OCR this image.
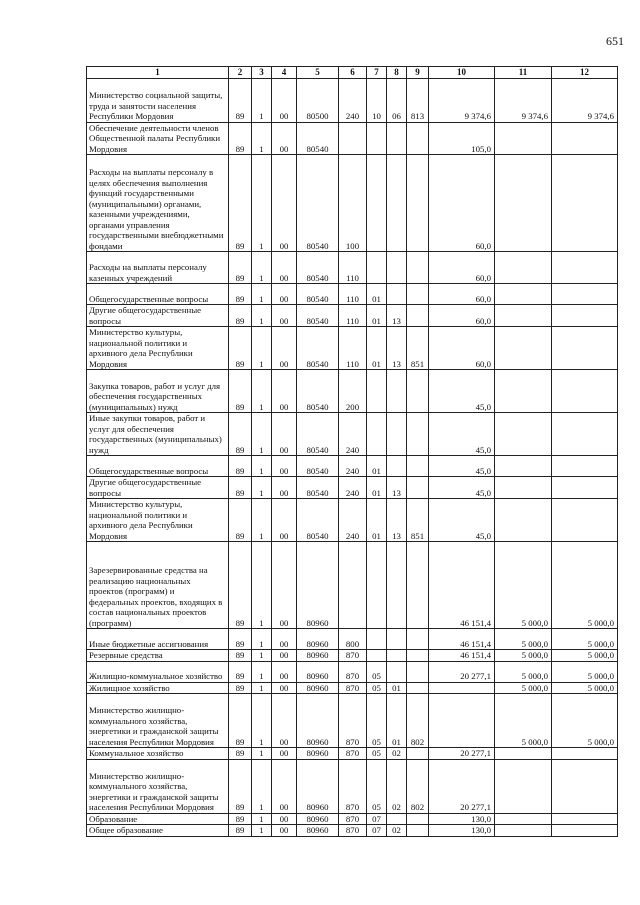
651
1	2	3	4	5	6	7	8	9	10	11	12
Министерство социальной защиты, труда и занятости населения Республики Мордовия	89	1	00	80500	240	10	06	813	9 374,6	9 374,6	9 374,6
Обеспечение деятельности членов Общественной палаты Республики Мордовия	89	1	00	80540					105,0		
Расходы на выплаты персоналу в целях обеспечения выполнения функций государственными (муниципальными) органами, казенными учреждениями, органами управления государственными внебюджетными фондами	89	1	00	80540	100				60,0		
Расходы на выплаты персоналу казенных учреждений	89	1	00	80540	110				60,0		
Общегосударственные вопросы	89	1	00	80540	110	01			60,0		
Другие общегосударственные вопросы	89	1	00	80540	110	01	13		60,0		
Министерство культуры, национальной политики и архивного дела Республики Мордовия	89	1	00	80540	110	01	13	851	60,0		
Закупка товаров, работ и услуг для обеспечения государственных (муниципальных) нужд	89	1	00	80540	200				45,0		
Иные закупки товаров, работ и услуг для обеспечения государственных (муниципальных) нужд	89	1	00	80540	240				45,0		
Общегосударственные вопросы	89	1	00	80540	240	01			45,0		
Другие общегосударственные вопросы	89	1	00	80540	240	01	13		45,0		
Министерство культуры, национальной политики и архивного дела Республики Мордовия	89	1	00	80540	240	01	13	851	45,0		
Зарезервированные средства на реализацию национальных проектов (программ) и федеральных проектов, входящих в состав национальных проектов (программ)	89	1	00	80960					46 151,4	5 000,0	5 000,0
Иные бюджетные ассигнования	89	1	00	80960	800				46 151,4	5 000,0	5 000,0
Резервные средства	89	1	00	80960	870				46 151,4	5 000,0	5 000,0
Жилищно-коммунальное хозяйство	89	1	00	80960	870	05			20 277,1	5 000,0	5 000,0
Жилищное хозяйство	89	1	00	80960	870	05	01			5 000,0	5 000,0
Министерство жилищно-коммунального хозяйства, энергетики и гражданской защиты населения Республики Мордовия	89	1	00	80960	870	05	01	802		5 000,0	5 000,0
Коммунальное хозяйство	89	1	00	80960	870	05	02		20 277,1		
Министерство жилищно-коммунального хозяйства, энергетики и гражданской защиты населения Республики Мордовия	89	1	00	80960	870	05	02	802	20 277,1		
Образование	89	1	00	80960	870	07			130,0		
Общее образование	89	1	00	80960	870	07	02		130,0		
